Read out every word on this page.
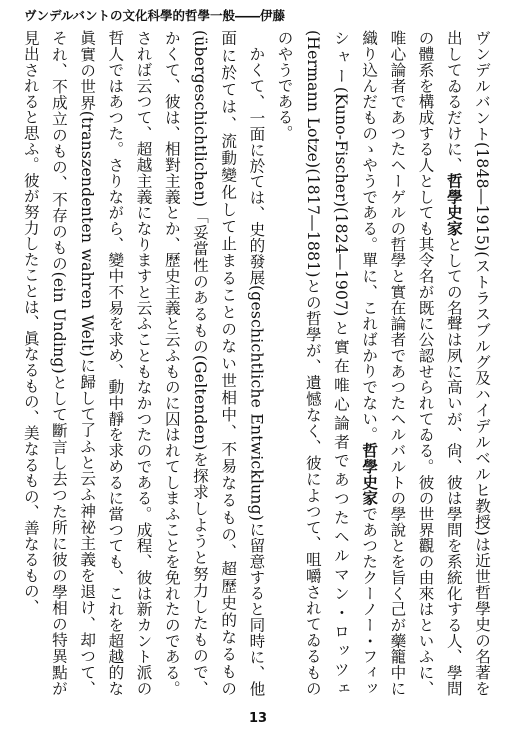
ヴンデルバントの文化科學的哲學一般――伊藤

ヴンデルバント(1848―1915)(ストラスブルグ及ハイデルベルヒ教授)は近世哲學史の名著を出してゐるだけに、哲學史家としての名聲は夙に高いが、尙、彼は學問を系統化する人、學問の體系を構成する人としても其令名が既に公認せられてゐる。彼の世界觀の由來はといふに、唯心論者であつたヘーゲルの哲學と實在論者であつたヘルバルトの學說とを旨く己が藥籠中に織り込んだものゝやうである。單に、こればかりでない。哲學史家であつたクーノー・フィッシャー(Kuno-Fischer)(1824―1907)と實在唯心論者であつたヘルマン・ロッツェ(Hermann Lotze)(1817―1881)との哲學が、遺憾なく、彼によつて、咀嚼されてゐるもののやうである。

かくて、一面に於ては、史的發展(geschichtliche Entwicklung)に留意すると同時に、他面に於ては、流動變化して止まることのない世相中、不易なるもの、超歷史的なるもの(übergeschichtlichen)「妥當性のあるもの(Geltenden)を探求しようと努力したもので、かくて、彼は、相對主義とか、歷史主義と云ふものに囚はれてしまふことを免れたのである。されば云つて、超越主義になりますと云ふこともなかつたのである。成程、彼は新カント派の哲人ではあつた。さりながら、變中不易を求め、動中靜を求めるに當つても、これを超越的な眞實の世界(transzendenten wahren Welt)に歸して了ふと云ふ神祕主義を退け、却つて、それ、不成立のもの、不存のもの(ein Unding)として斷言し去つた所に彼の學相の特異點が見出されると思ふ。彼が努力したことは、眞なるもの、美なるもの、善なるもの、

13
